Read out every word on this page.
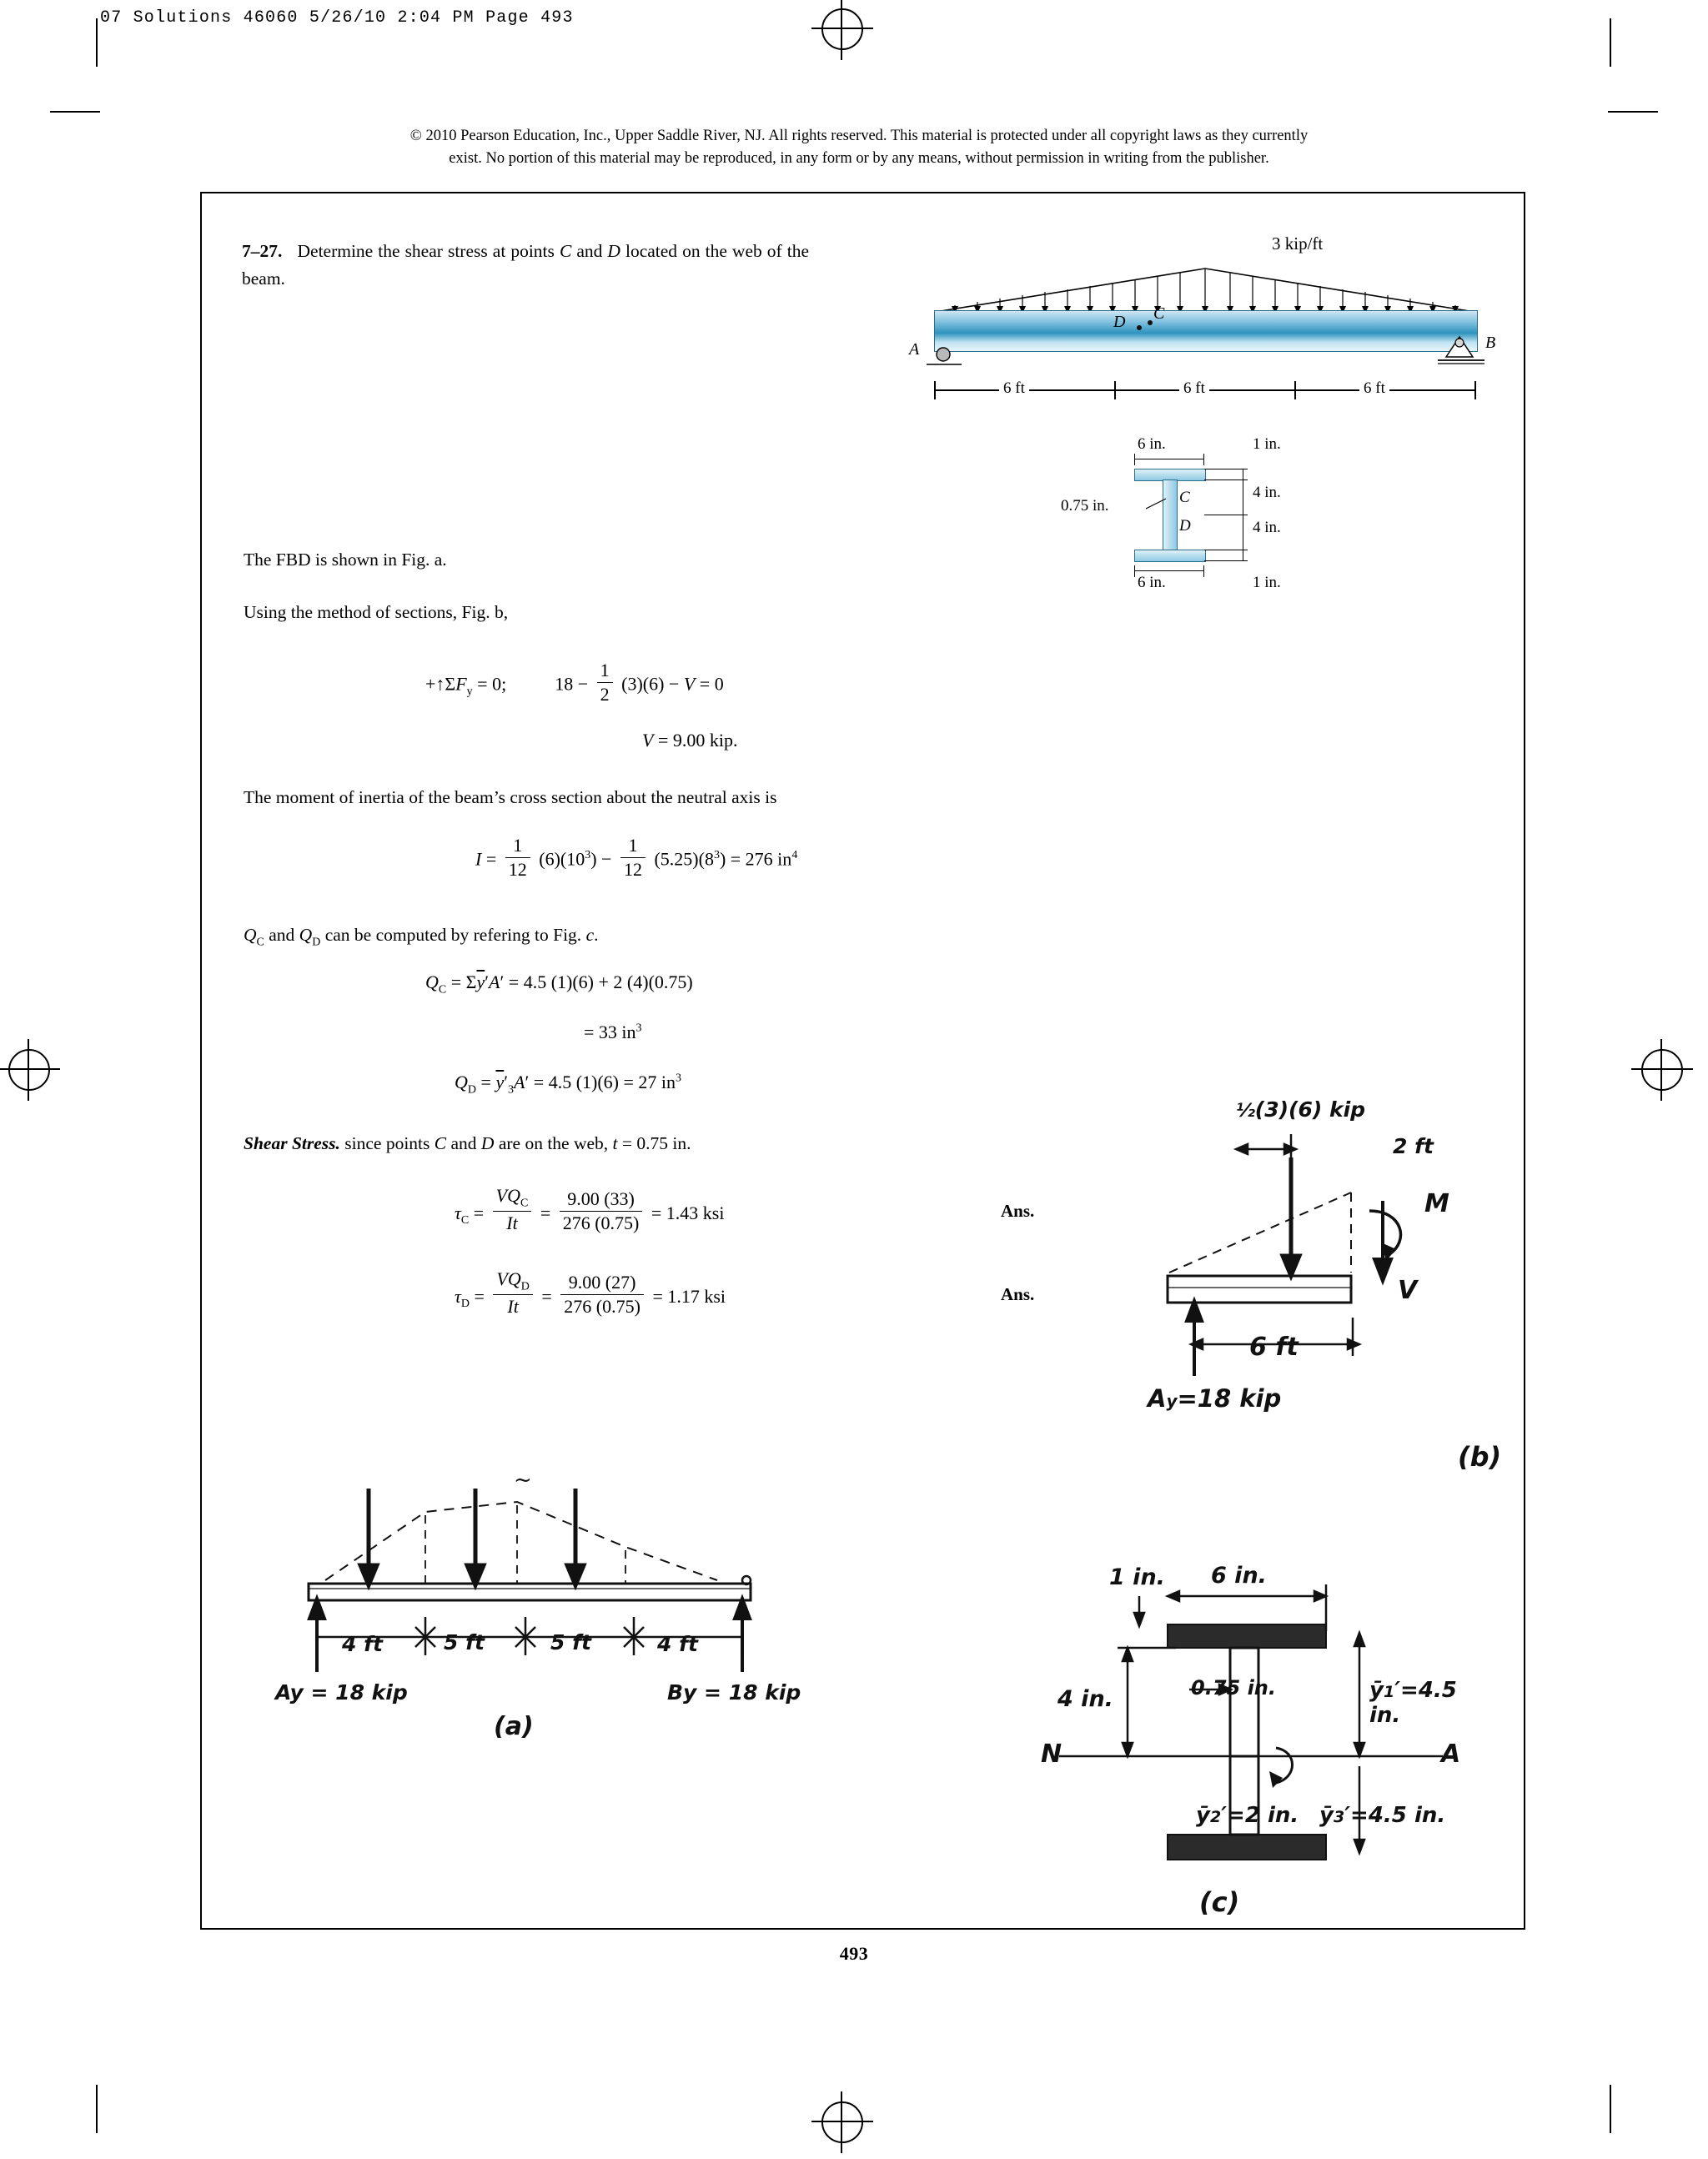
07 Solutions 46060 5/26/10 2:04 PM Page 493
© 2010 Pearson Education, Inc., Upper Saddle River, NJ. All rights reserved. This material is protected under all copyright laws as they currently
exist. No portion of this material may be reproduced, in any form or by any means, without permission in writing from the publisher.
7–27.   Determine the shear stress at points C and D located on the web of the beam.
3 kip/ft
A	B
C
D
6 ft	6 ft	6 ft
6 in.
6 in.
0.75 in.
1 in.
4 in.
4 in.
1 in.
C
D
The FBD is shown in Fig. a.
Using the method of sections, Fig. b,
$+↑\Sigma F_y = 0$;	$18 - \frac{1}{2} (3)(6) - V = 0$
V = 9.00 kip.
The moment of inertia of the beam’s cross section about the neutral axis is
$I = \frac{1}{12} (6)(10^3) - \frac{1}{12} (5.25)(8^3) = 276$ $in^4$
$Q_C$ and $Q_D$ can be computed by refering to Fig. c.
$Q_C = \Sigma\overline{y}'A' = 4.5$ (1)(6) + 2 (4)(0.75)
= 33 $in^3$
$Q_D = \overline{y}'_3A' = 4.5$ (1)(6) = 27 $in^3$
Shear Stress. since points C and D are on the web, t = 0.75 in.
$\tau_C = \frac{VQ_C}{It} = \frac{9.00 (33)}{276 (0.75)} = 1.43$ ksi	Ans.
$\tau_D = \frac{VQ_D}{It} = \frac{9.00 (27)}{276 (0.75)} = 1.17$ ksi	Ans.
~
4 ft	5 ft	5 ft	4 ft
Ay = 18 kip	By = 18 kip
(a)
½(3)(6) kip
2 ft
M
V
6 ft
Ay=18 kip
(b)
1 in. 6 in.
4 in.	0.75 in.	ȳ1′=4.5 in.
ȳ2′=2 in. ȳ3′=4.5 in.
N	A
(c)
493
